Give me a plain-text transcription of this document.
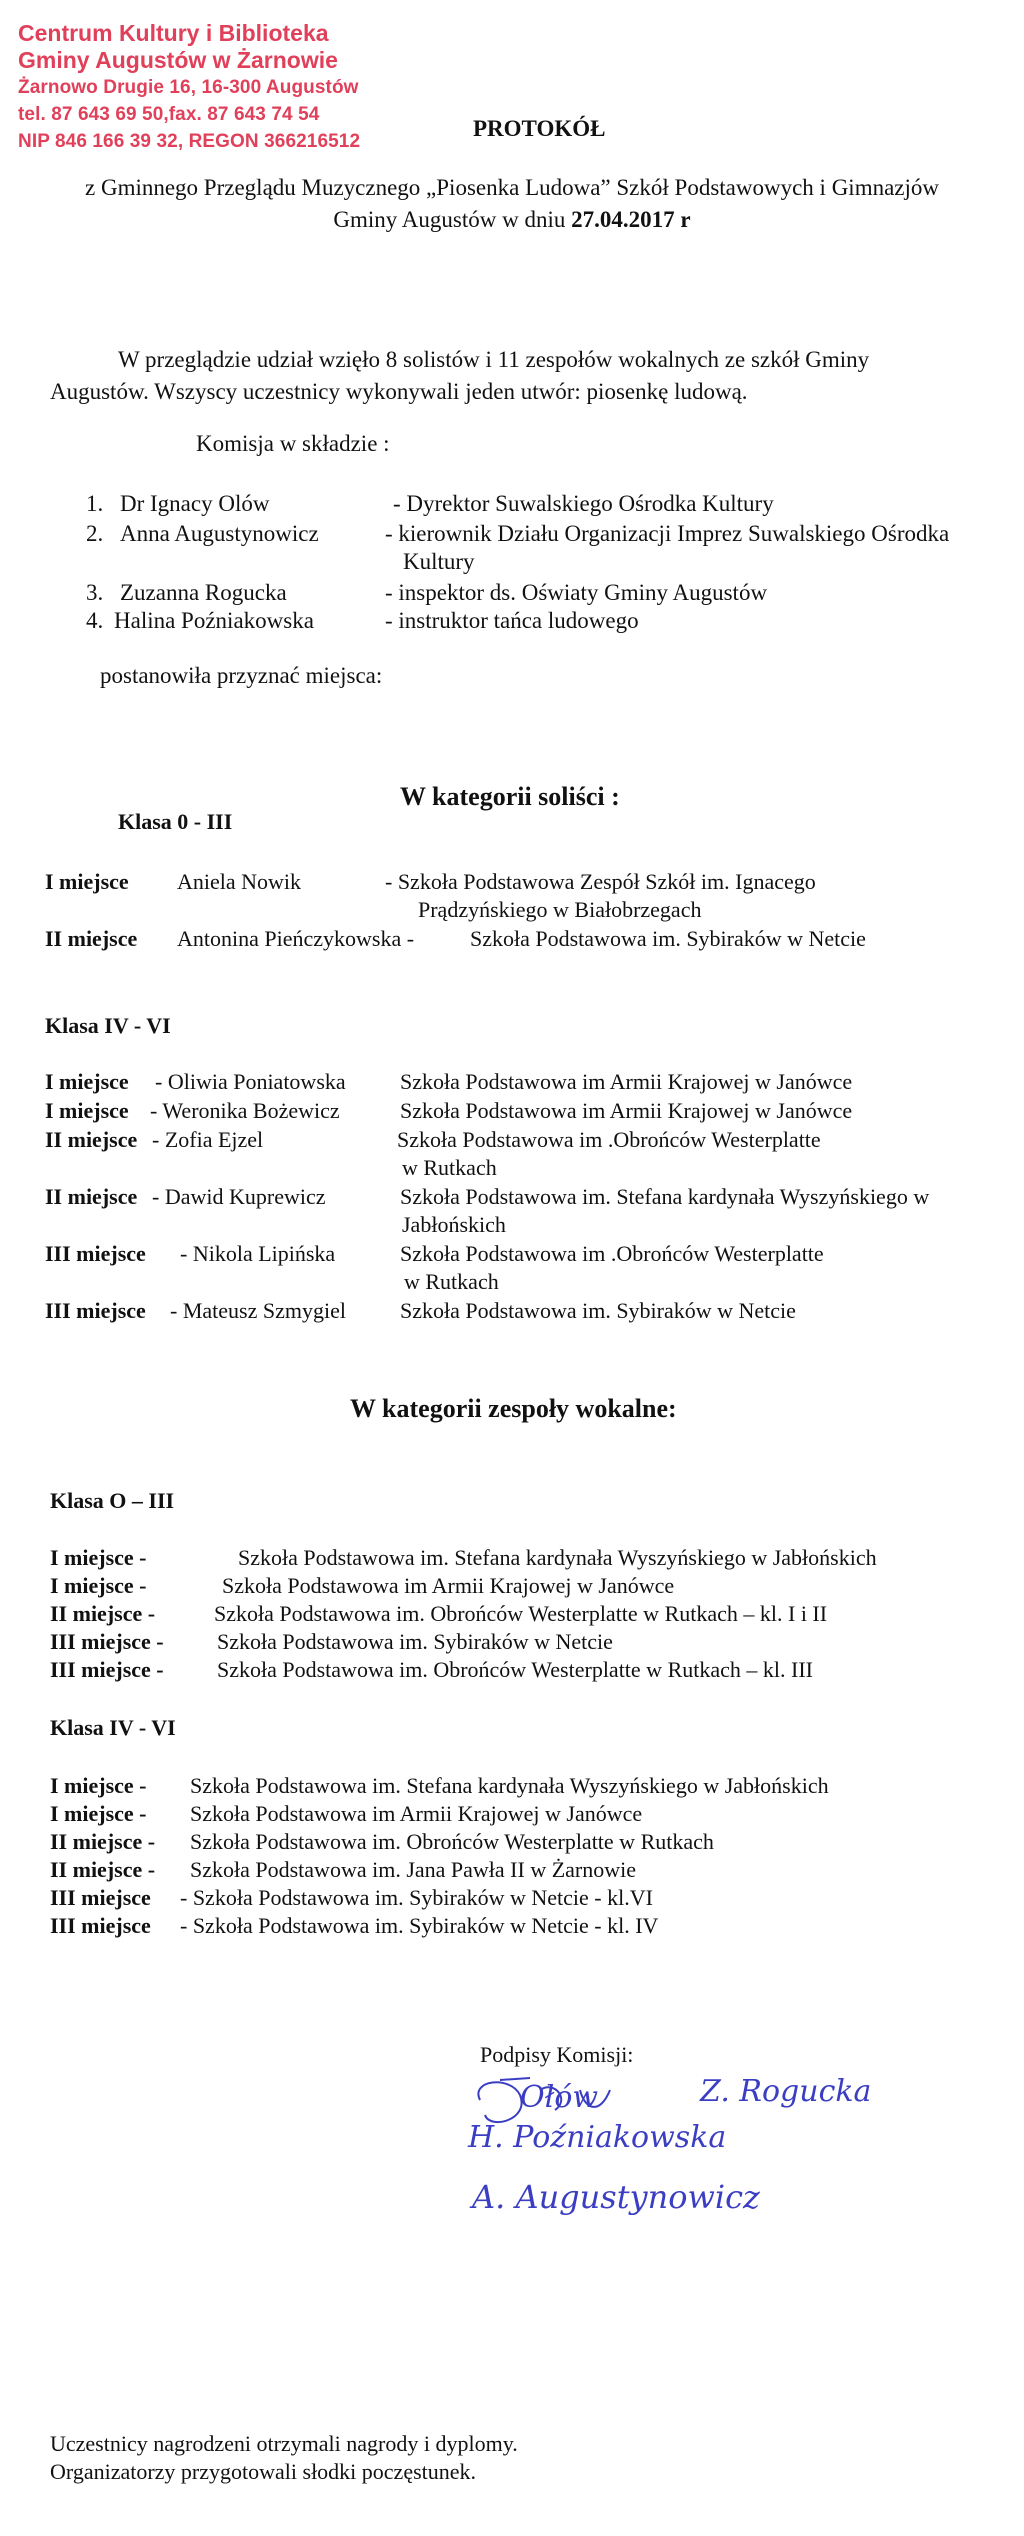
Centrum Kultury i Biblioteka
Gminy Augustów w Żarnowie
Żarnowo Drugie 16, 16-300 Augustów
tel. 87 643 69 50,fax. 87 643 74 54
NIP 846 166 39 32, REGON 366216512
PROTOKÓŁ
z Gminnego Przeglądu Muzycznego „Piosenka Ludowa” Szkół Podstawowych i Gimnazjów
Gminy Augustów w dniu 27.04.2017 r
W przeglądzie udział wzięło 8 solistów i 11 zespołów wokalnych ze szkół Gminy
Augustów. Wszyscy uczestnicy wykonywali jeden utwór: piosenkę ludową.
Komisja w składzie :
1. Dr Ignacy Olów	- Dyrektor Suwalskiego Ośrodka Kultury
2. Anna Augustynowicz	- kierownik Działu Organizacji Imprez Suwalskiego Ośrodka
Kultury
3. Zuzanna Rogucka	- inspektor ds. Oświaty Gminy Augustów
4. Halina Poźniakowska	- instruktor tańca ludowego
postanowiła przyznać miejsca:
W kategorii soliści :
Klasa 0 - III
I miejsce Aniela Nowik	- Szkoła Podstawowa Zespół Szkół im. Ignacego
Prądzyńskiego w Białobrzegach
II miejsce Antonina Pieńczykowska -	Szkoła Podstawowa im. Sybiraków w Netcie
Klasa IV - VI
I miejsce - Oliwia Poniatowska Szkoła Podstawowa im Armii Krajowej w Janówce
I miejsce - Weronika Bożewicz	Szkoła Podstawowa im Armii Krajowej w Janówce
II miejsce - Zofia Ejzel	Szkoła Podstawowa im .Obrońców Westerplatte
w Rutkach
II miejsce - Dawid Kuprewicz	Szkoła Podstawowa im. Stefana kardynała Wyszyńskiego w
Jabłońskich
III miejsce - Nikola Lipińska	Szkoła Podstawowa im .Obrońców Westerplatte
w Rutkach
III miejsce - Mateusz Szmygiel Szkoła Podstawowa im. Sybiraków w Netcie
W kategorii zespoły wokalne:
Klasa O – III
I miejsce -	Szkoła Podstawowa im. Stefana kardynała Wyszyńskiego w Jabłońskich
I miejsce -	Szkoła Podstawowa im Armii Krajowej w Janówce
II miejsce -	Szkoła Podstawowa im. Obrońców Westerplatte w Rutkach – kl. I i II
III miejsce - Szkoła Podstawowa im. Sybiraków w Netcie
III miejsce - Szkoła Podstawowa im. Obrońców Westerplatte w Rutkach – kl. III
Klasa IV - VI
I miejsce - Szkoła Podstawowa im. Stefana kardynała Wyszyńskiego w Jabłońskich
I miejsce - Szkoła Podstawowa im Armii Krajowej w Janówce
II miejsce - Szkoła Podstawowa im. Obrońców Westerplatte w Rutkach
II miejsce - Szkoła Podstawowa im. Jana Pawła II w Żarnowie
III miejsce - Szkoła Podstawowa im. Sybiraków w Netcie - kl.VI
III miejsce - Szkoła Podstawowa im. Sybiraków w Netcie - kl. IV
Podpisy Komisji:
Ołów	Z. Rogucka
H. Poźniakowska
A. Augustynowicz
Uczestnicy nagrodzeni otrzymali nagrody i dyplomy.
Organizatorzy przygotowali słodki poczęstunek.
